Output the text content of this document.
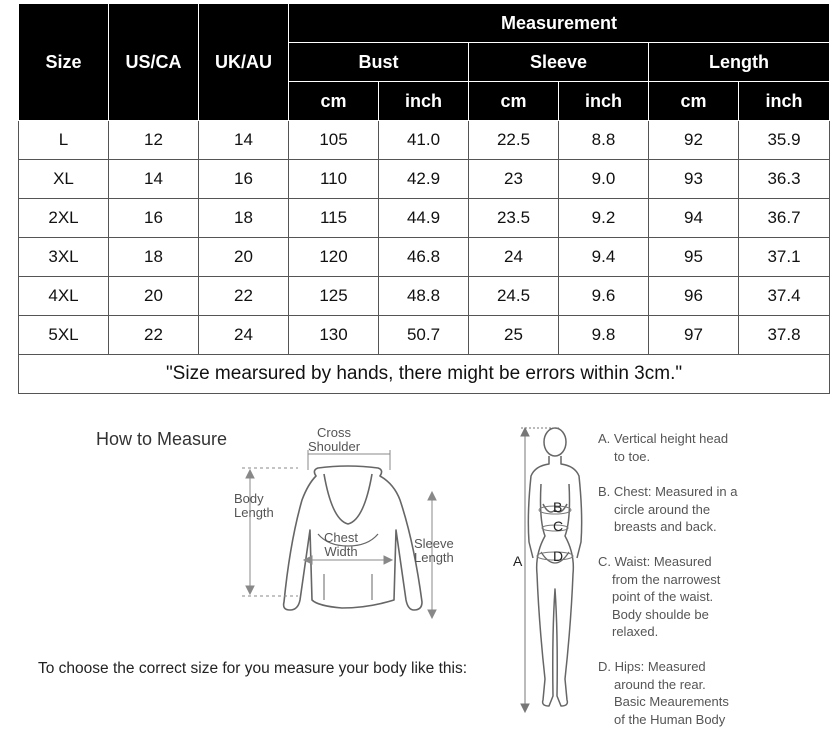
Size	US/CA	UK/AU	Measurement					
			Bust		Sleeve		Length	
			cm	inch	cm	inch	cm	inch
L	12	14	105	41.0	22.5	8.8	92	35.9
XL	14	16	110	42.9	23	9.0	93	36.3
2XL	16	18	115	44.9	23.5	9.2	94	36.7
3XL	18	20	120	46.8	24	9.4	95	37.1
4XL	20	22	125	48.8	24.5	9.6	96	37.4
5XL	22	24	130	50.7	25	9.8	97	37.8
"Size mearsured by hands, there might be errors within 3cm."								
How to Measure	Cross
Shoulder
Body
Length
Chest
Width
Sleeve
Length
To choose the correct size for you measure your body like this:
A
B
C
D
A. Vertical height head
to toe.
B. Chest: Measured in a
circle around the
breasts and back.
C. Waist: Measured
from the narrowest
point of the waist.
Body shoulde be
relaxed.
D. Hips: Measured
around the rear.
Basic Meaurements
of the Human Body
